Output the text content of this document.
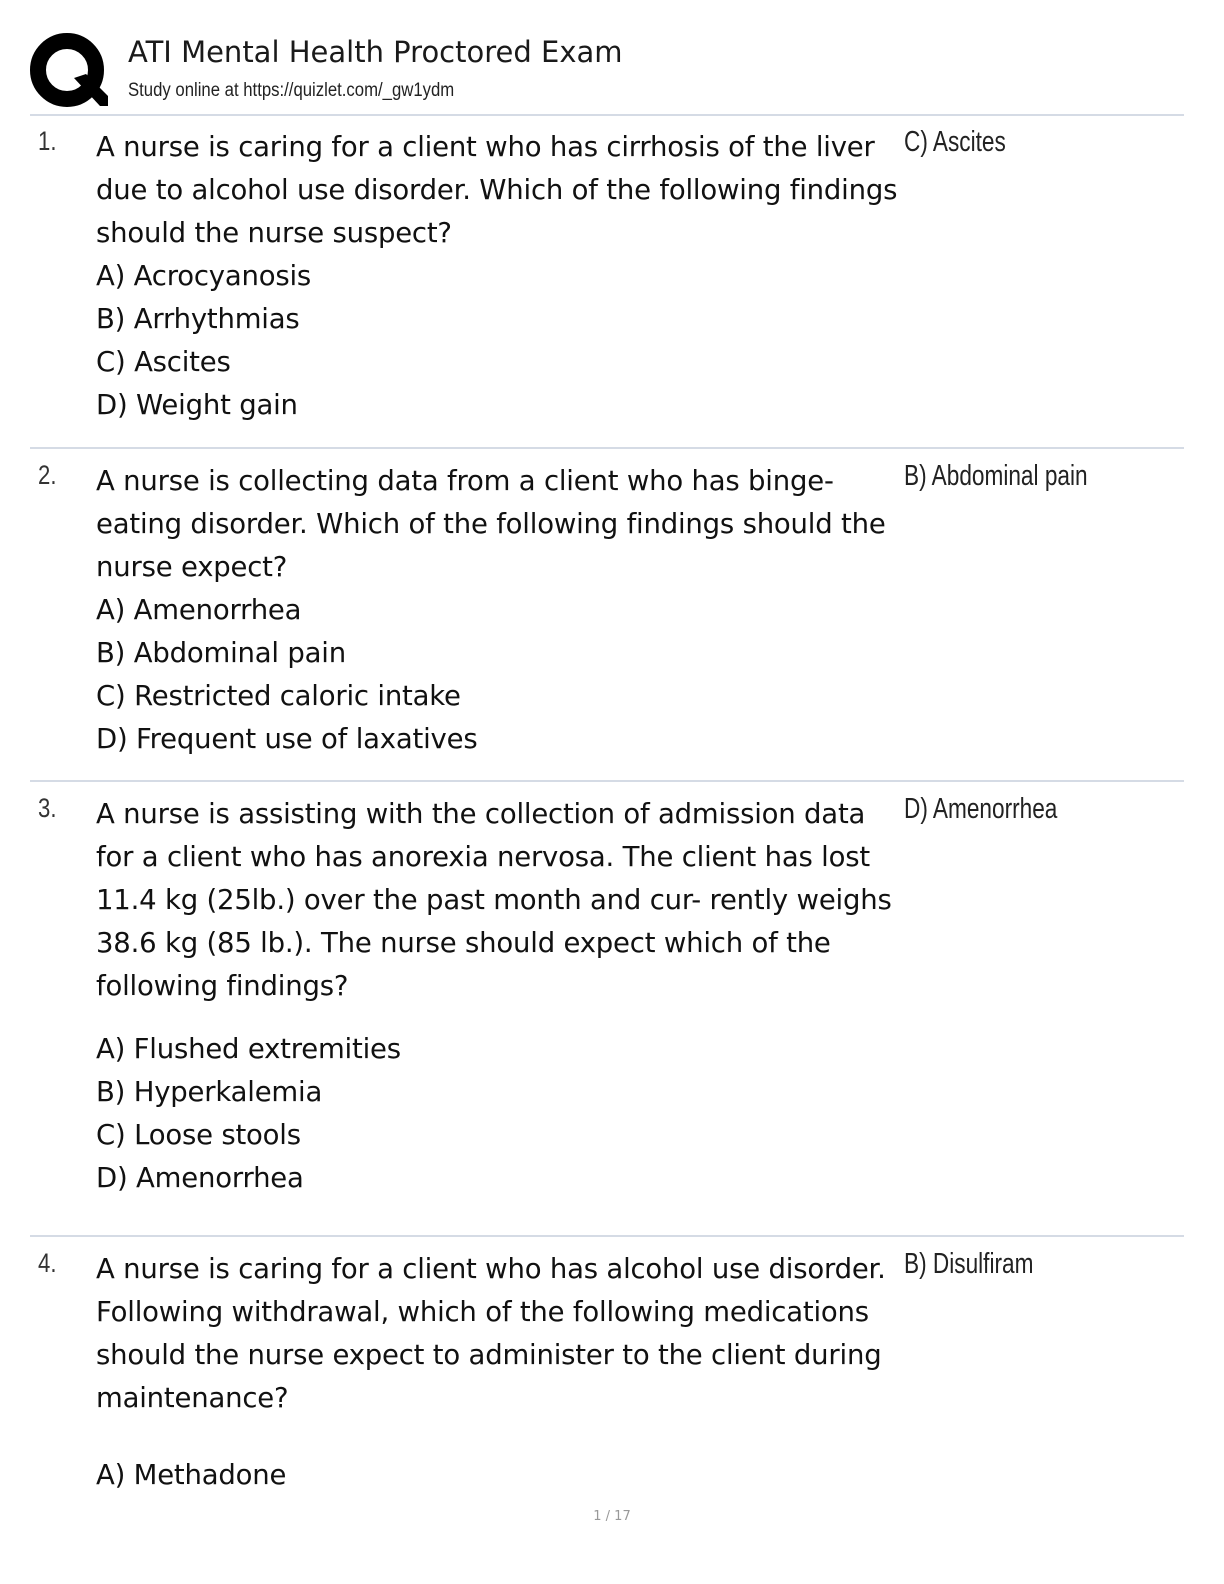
ATI Mental Health Proctored Exam
Study online at https://quizlet.com/_gw1ydm
1. A nurse is caring for a client who has cirrhosis of the liver due to alcohol use disorder. Which of the following findings should the nurse suspect?

A) Acrocyanosis

B) Arrhythmias

C) Ascites

D) Weight gain

C) Ascites
2. A nurse is collecting data from a client who has binge-eating disorder. Which of the following findings should the nurse expect?

A) Amenorrhea

B) Abdominal pain

C) Restricted caloric intake

D) Frequent use of laxatives

B) Abdominal pain
3. A nurse is assisting with the collection of admission data for a client who has anorexia nervosa. The client has lost 11.4 kg (25lb.) over the past month and cur- rently weighs 38.6 kg (85 lb.). The nurse should expect which of the following findings?

A) Flushed extremities

B) Hyperkalemia

C) Loose stools

D) Amenorrhea

D) Amenorrhea
4. A nurse is caring for a client who has alcohol use disorder. Following withdrawal, which of the following medications should the nurse expect to administer to the client during maintenance?

A) Methadone

B) Disulfiram
1 / 17
